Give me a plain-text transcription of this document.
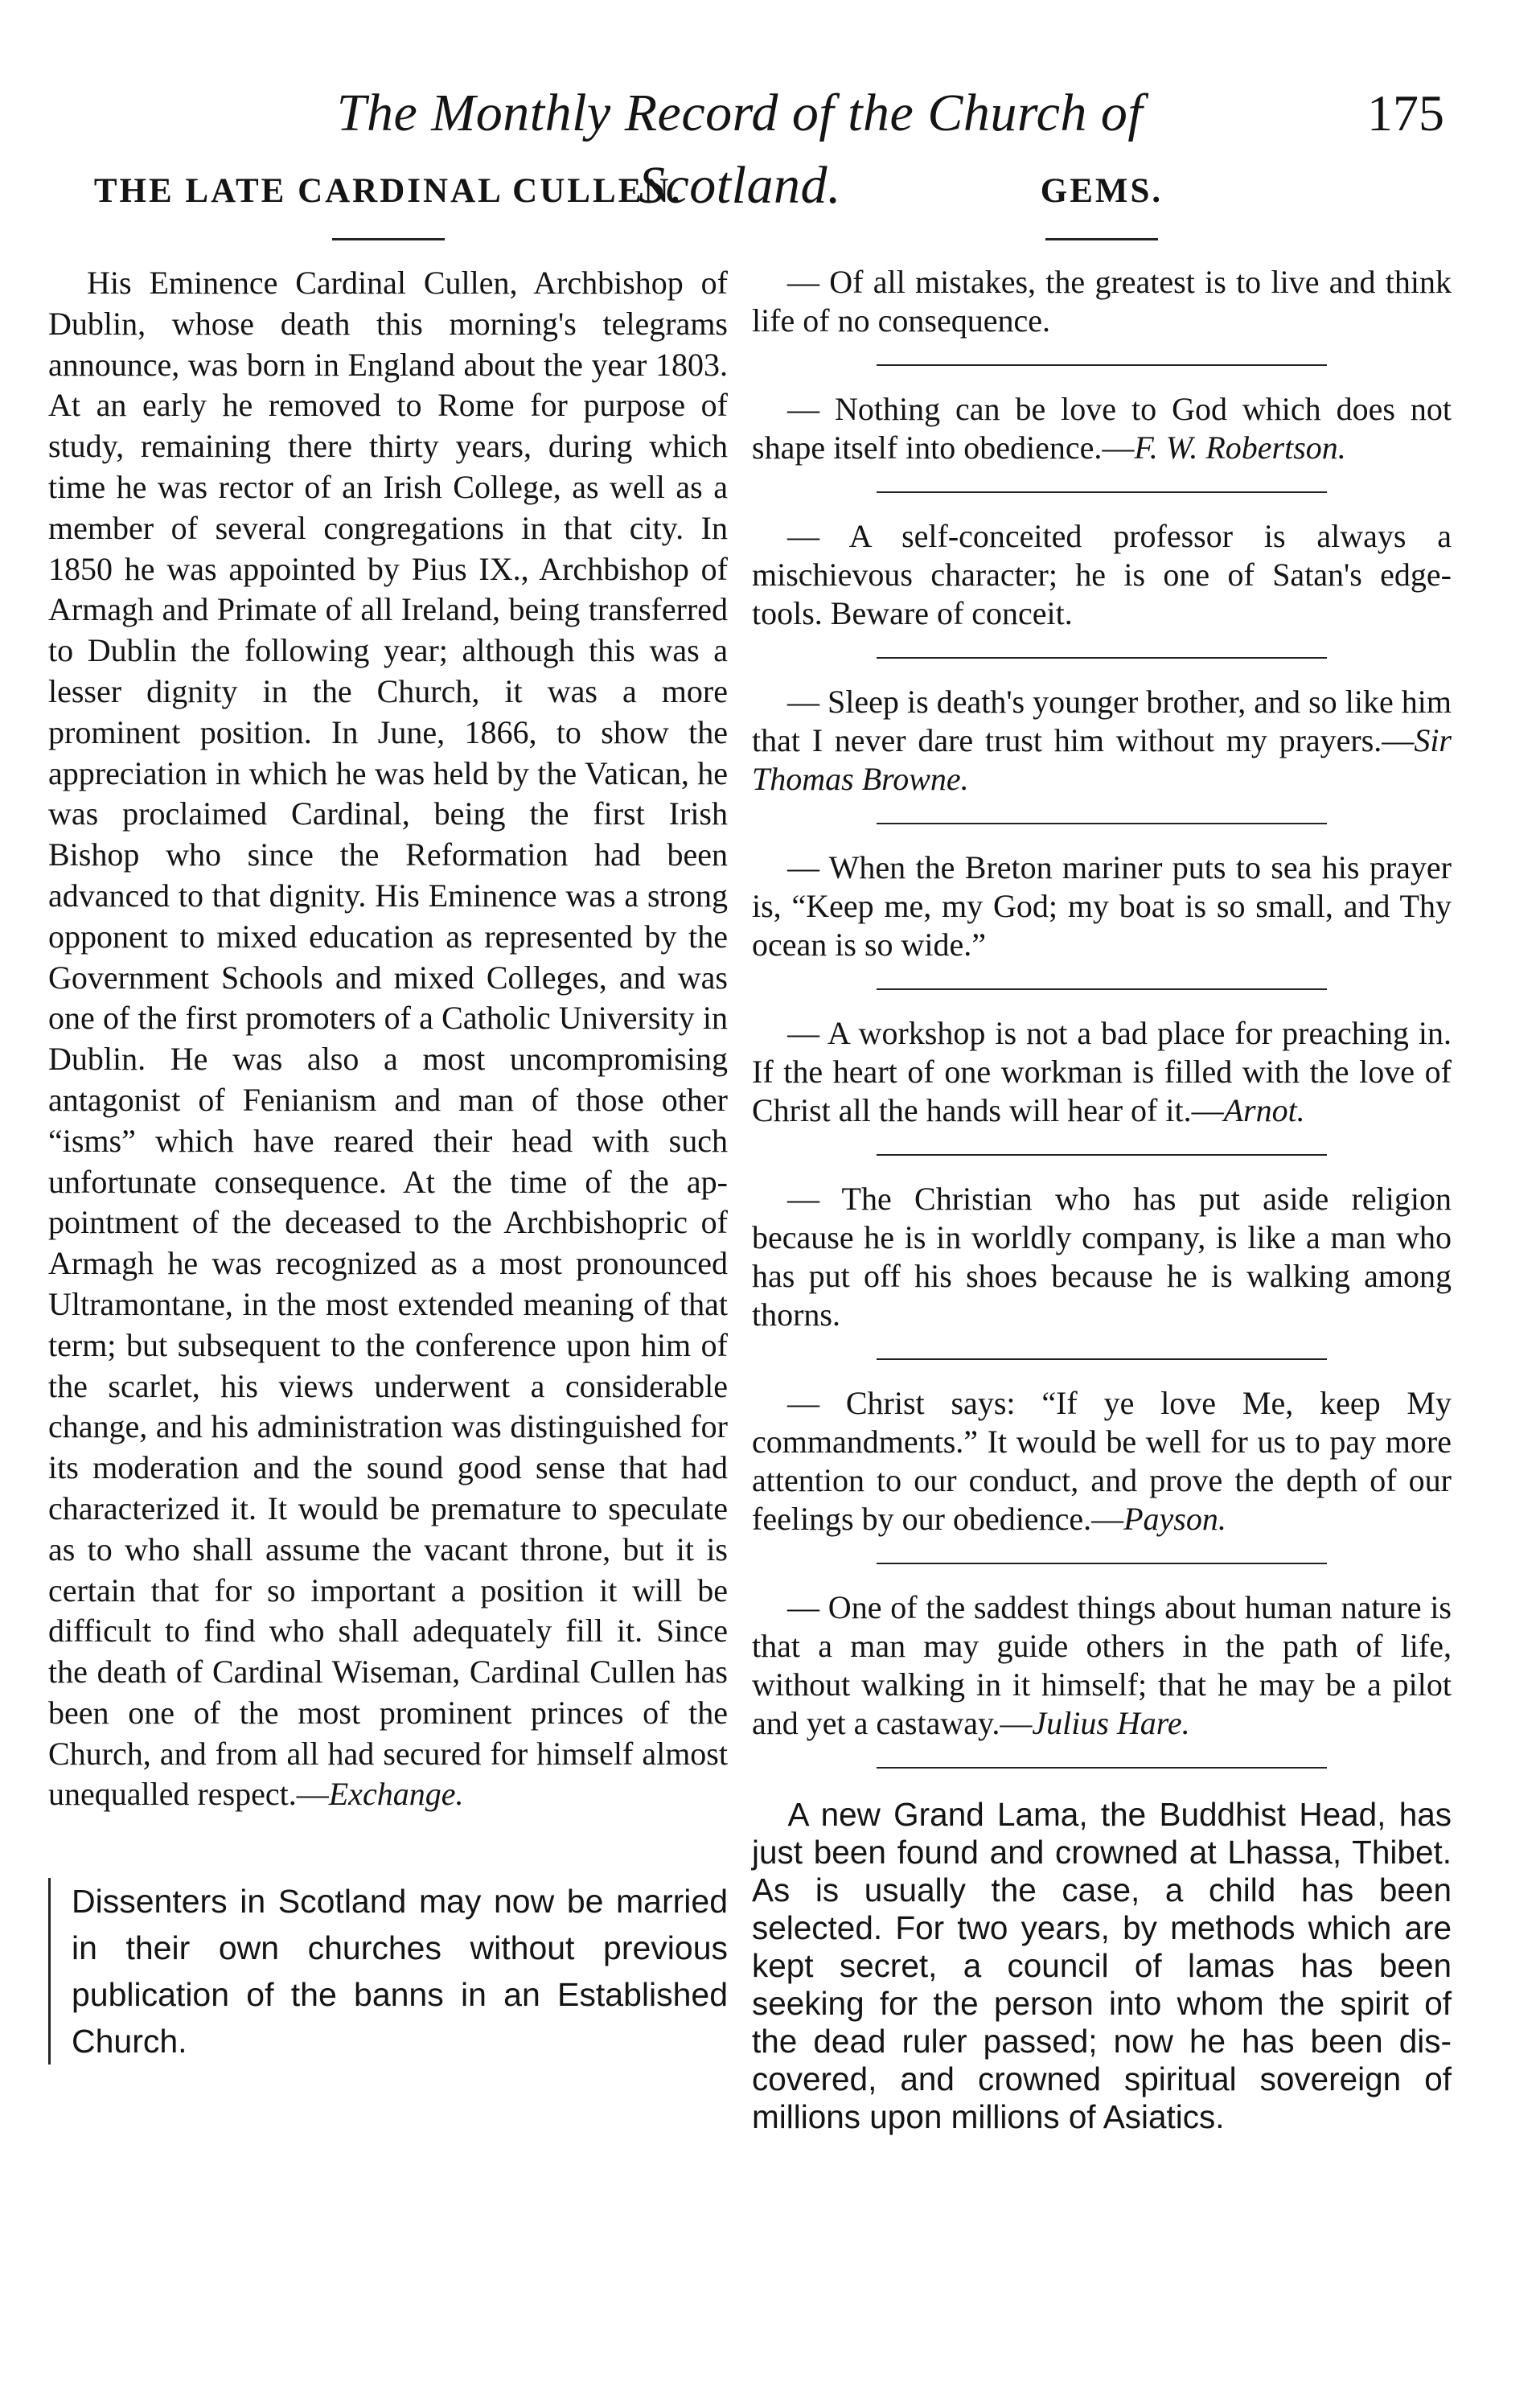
The Monthly Record of the Church of Scotland.
175
THE LATE CARDINAL CULLEN.

His Eminence Cardinal Cullen, Archbishop of Dublin, whose death this morning's telegrams announce, was born in England about the year 1803. At an early he removed to Rome for purpose of study, remaining there thirty years, during which time he was rector of an Irish College, as well as a member of several congregations in that city. In 1850 he was appointed by Pius IX., Archbishop of Armagh and Primate of all Ireland, being transferred to Dublin the following year; although this was a lesser dignity in the Church, it was a more prominent position. In June, 1866, to show the appreciation in which he was held by the Vatican, he was proclaimed Cardinal, being the first Irish Bishop who since the Reformation had been advanced to that dignity. His Eminence was a strong opponent to mixed education as represented by the Government Schools and mixed Colleges, and was one of the first promoters of a Catholic University in Dublin. He was also a most uncompromising antagonist of Fenianism and man of those other “isms” which have reared their head with such unfortunate consequence. At the time of the appointment of the deceased to the Archbishopric of Armagh he was recognized as a most pronounced Ultramontane, in the most extended meaning of that term; but subsequent to the conference upon him of the scarlet, his views underwent a considerable change, and his administration was distinguished for its moderation and the sound good sense that had characterized it. It would be premature to speculate as to who shall assume the vacant throne, but it is certain that for so important a position it will be difficult to find who shall adequately fill it. Since the death of Cardinal Wiseman, Cardinal Cullen has been one of the most prominent princes of the Church, and from all had secured for himself almost unequalled respect.—Exchange.

Dissenters in Scotland may now be married in their own churches without previous publication of the banns in an Established Church.
GEMS.

— Of all mistakes, the greatest is to live and think life of no consequence.

— Nothing can be love to God which does not shape itself into obedience.—F. W. Robertson.

— A self-conceited professor is always a mischievous character; he is one of Satan's edge-tools. Beware of conceit.

— Sleep is death's younger brother, and so like him that I never dare trust him without my prayers.—Sir Thomas Browne.

— When the Breton mariner puts to sea his prayer is, “Keep me, my God; my boat is so small, and Thy ocean is so wide.”

— A workshop is not a bad place for preaching in. If the heart of one workman is filled with the love of Christ all the hands will hear of it.—Arnot.

— The Christian who has put aside religion because he is in worldly company, is like a man who has put off his shoes because he is walking among thorns.

— Christ says: “If ye love Me, keep My commandments.” It would be well for us to pay more attention to our conduct, and prove the depth of our feelings by our obedience.—Payson.

— One of the saddest things about human nature is that a man may guide others in the path of life, without walking in it himself; that he may be a pilot and yet a castaway.—Julius Hare.

A new Grand Lama, the Buddhist Head, has just been found and crowned at Lhassa, Thibet. As is usually the case, a child has been selected. For two years, by methods which are kept secret, a council of lamas has been seeking for the person into whom the spirit of the dead ruler passed; now he has been discovered, and crowned spiritual sovereign of millions upon millions of Asiatics.
